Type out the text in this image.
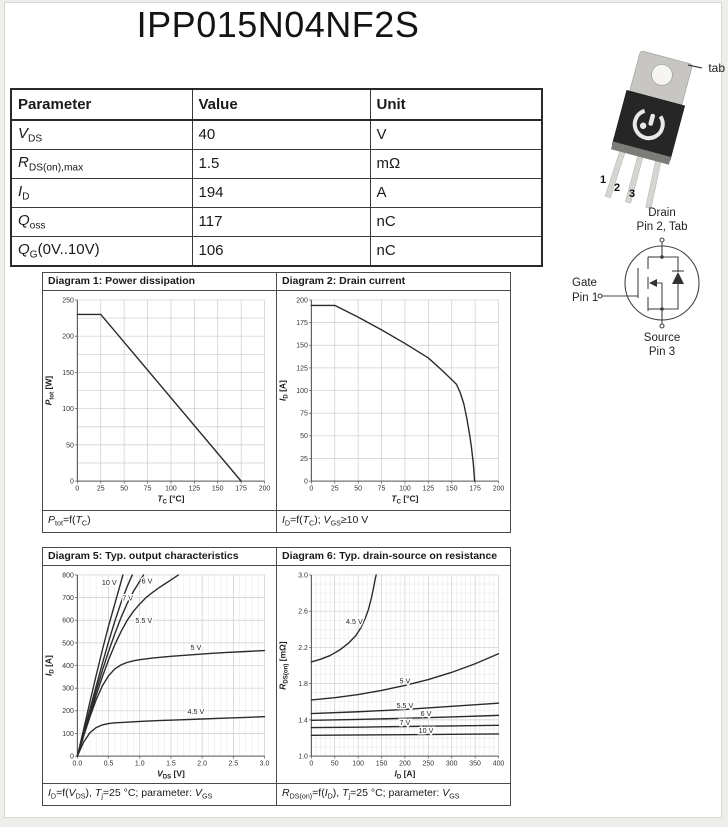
IPP015N04NF2S
Parameter	Value	Unit
$V_{DS}$	40	V
$R_{DS(on),max}$	1.5	mΩ
$I_D$	194	A
$Q_{oss}$	117	nC
$Q_G(0V..10V)$	106	nC
tab
1
2 3
Drain
Pin 2, Tab
Gate
Pin 1
Source
Pin 3
Diagram 1: Power dissipation
0	25 50 75 100 125 150 175 200
0
50
100
150
200
250
TC [°C]
Ptot [W]
$P_{tot}=f(T_C)$
Diagram 2: Drain current
0	25 50 75 100 125 150 175 200
0
25
50
75
100
125
150
175
200
TC [°C]
ID [A]
$I_D=f(T_C)$; $V_{GS}\ge 10$ V
Diagram 5: Typ. output characteristics
0.0	0.5	1.0	1.5	2.0	2.5	3.0
0
100
200
300
400
500
600
700
800
VDS [V]
ID [A]
10 V
7 V
6 V
5.5 V
5 V
4.5 V
$I_D=f(V_{DS})$, $T_j=25$ °C; parameter: $V_{GS}$
Diagram 6: Typ. drain-source on resistance
0	50 100 150 200 250 300 350 400
1.0
1.4
1.8
2.2
2.6
3.0
ID [A]
RDS(on) [mΩ]
4.5 V
5 V
5.5 V
6 V
7 V
10 V
$R_{DS(on)}=f(I_D)$, $T_j=25$ °C; parameter: $V_{GS}$
